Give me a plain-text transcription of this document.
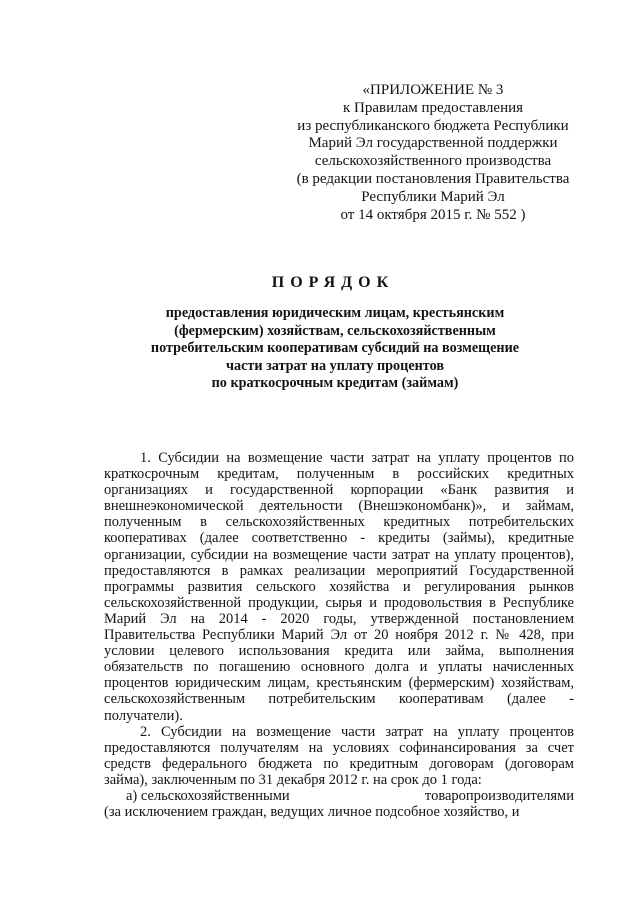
«ПРИЛОЖЕНИЕ № 3
к Правилам предоставления
из республиканского бюджета Республики
Марий Эл государственной поддержки
сельскохозяйственного производства
(в редакции постановления Правительства
Республики Марий Эл
от 14 октября 2015 г. № 552 )
ПОРЯДОК
предоставления юридическим лицам, крестьянским
(фермерским) хозяйствам, сельскохозяйственным
потребительским кооперативам субсидий на возмещение
части затрат на уплату процентов
по краткосрочным кредитам (займам)

1. Субсидии на возмещение части затрат на уплату процентов по краткосрочным кредитам, полученным в российских кредитных организациях и государственной корпорации «Банк развития и внешнеэкономической деятельности (Внешэкономбанк)», и займам, полученным в сельскохозяйственных кредитных потребительских кооперативах (далее соответственно - кредиты (займы), кредитные организации, субсидии на возмещение части затрат на уплату процентов), предоставляются в рамках реализации мероприятий Государственной программы развития сельского хозяйства и регулирования рынков сельскохозяйственной продукции, сырья и продовольствия в Республике Марий Эл на 2014 - 2020 годы, утвержденной постановлением Правительства Республики Марий Эл от 20 ноября 2012 г. № 428, при условии целевого использования кредита или займа, выполнения обязательств по погашению основного долга и уплаты начисленных процентов юридическим лицам, крестьянским (фермерским) хозяйствам, сельскохозяйственным потребительским кооперативам (далее - получатели).

2. Субсидии на возмещение части затрат на уплату процентов предоставляются получателям на условиях софинансирования за счет средств федерального бюджета по кредитным договорам (договорам займа), заключенным по 31 декабря 2012 г. на срок до 1 года:

а) сельскохозяйственными	товаропроизводителями

(за исключением граждан, ведущих личное подсобное хозяйство, и
